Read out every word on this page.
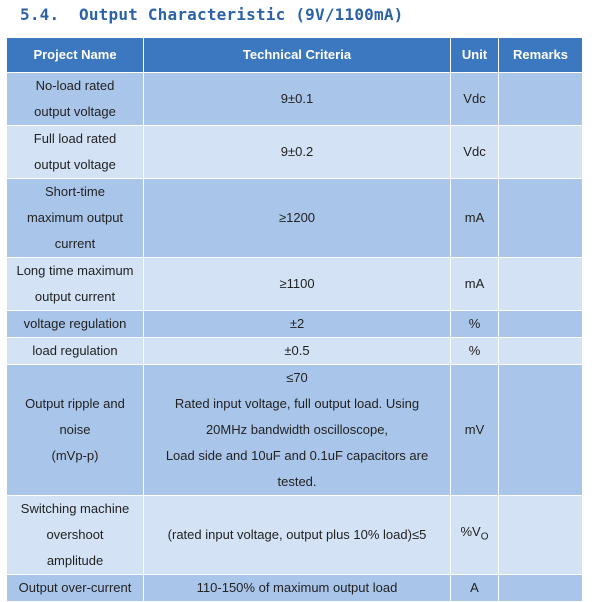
5.4. Output Characteristic (9V/1100mA)
Project Name	Technical Criteria	Unit	Remarks

No-load rated
output voltage	9±0.1	Vdc	

Full load rated
output voltage	9±0.2	Vdc	

Short-time
maximum output
current	≥1200	mA	

Long time maximum
output current	≥1100	mA	

voltage regulation	±2	%	

load regulation	±0.5	%	

Output ripple and
noise
(mVp-p)	≤70
Rated input voltage, full output load. Using
20MHz bandwidth oscilloscope,
Load side and 10uF and 0.1uF capacitors are
tested.	mV	

Switching machine
overshoot
amplitude	(rated input voltage, output plus 10% load)≤5	$\%V_O$	

Output over-current	110-150% of maximum output load	A	
